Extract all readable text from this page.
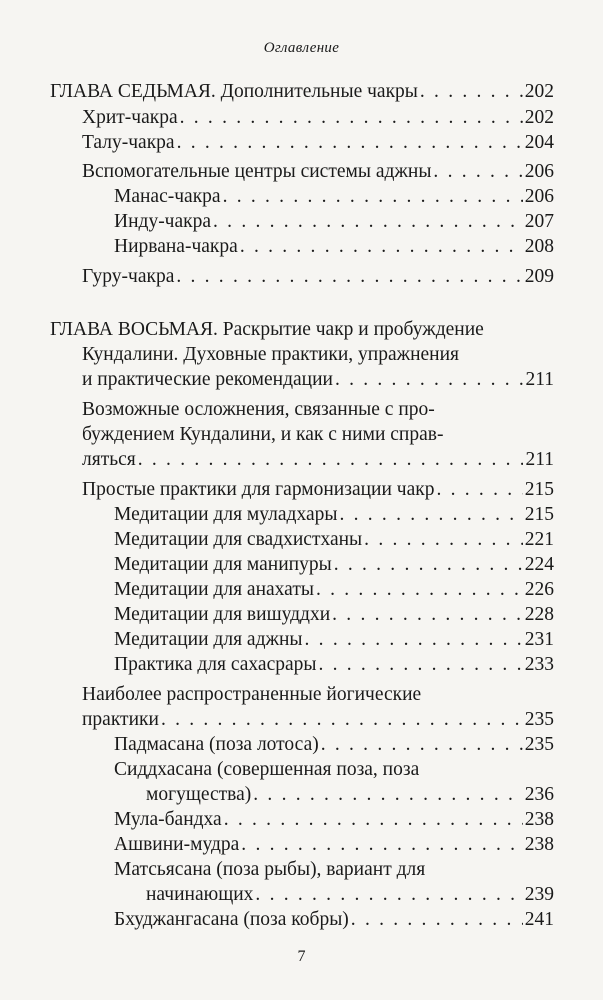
Оглавление
ГЛАВА СЕДЬМАЯ. Дополнительные чакры . . .	202
Хрит-чакра . . .	202
Талу-чакра . . .	204
Вспомогательные центры системы аджны . . .	206
Манас-чакра . . .	206
Инду-чакра . . .	207
Нирвана-чакра . . .	208
Гуру-чакра . . .	209
ГЛАВА ВОСЬМАЯ. Раскрытие чакр и пробуждение
Кундалини. Духовные практики, упражнения
и практические рекомендации . . .	211
Возможные осложнения, связанные с про-
буждением Кундалини, и как с ними справ-
ляться . . .	211
Простые практики для гармонизации чакр . . .	215
Медитации для муладхары . . .	215
Медитации для свадхистханы . . .	221
Медитации для манипуры . . .	224
Медитации для анахаты . . .	226
Медитации для вишуддхи . . .	228
Медитации для аджны . . .	231
Практика для сахасрары . . .	233
Наиболее распространенные йогические
практики . . .	235
Падмасана (поза лотоса) . . .	235
Сиддхасана (совершенная поза, поза
могущества) . . .	236
Мула-бандха . . .	238
Ашвини-мудра . . .	238
Матсьясана (поза рыбы), вариант для
начинающих . . .	239
Бхуджангасана (поза кобры) . . .	241
7
